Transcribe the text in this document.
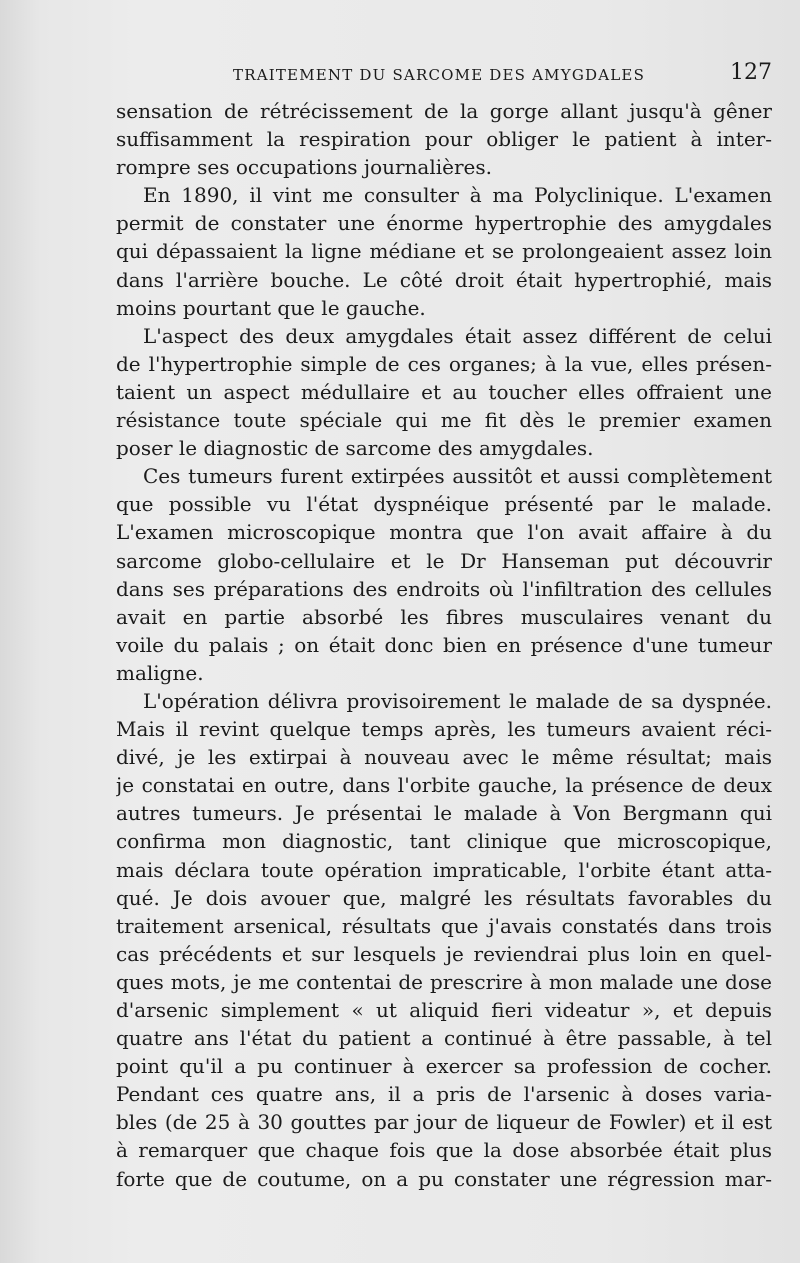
TRAITEMENT DU SARCOME DES AMYGDALES	127
sensation de rétrécissement de la gorge allant jusqu'à gêner
suffisamment la respiration pour obliger le patient à inter-
rompre ses occupations journalières.
En 1890, il vint me consulter à ma Polyclinique. L'examen
permit de constater une énorme hypertrophie des amygdales
qui dépassaient la ligne médiane et se prolongeaient assez loin
dans l'arrière bouche. Le côté droit était hypertrophié, mais
moins pourtant que le gauche.
L'aspect des deux amygdales était assez différent de celui
de l'hypertrophie simple de ces organes; à la vue, elles présen-
taient un aspect médullaire et au toucher elles offraient une
résistance toute spéciale qui me fit dès le premier examen
poser le diagnostic de sarcome des amygdales.
Ces tumeurs furent extirpées aussitôt et aussi complètement
que possible vu l'état dyspnéique présenté par le malade.
L'examen microscopique montra que l'on avait affaire à du
sarcome globo-cellulaire et le Dr Hanseman put découvrir
dans ses préparations des endroits où l'infiltration des cellules
avait en partie absorbé les fibres musculaires venant du
voile du palais ; on était donc bien en présence d'une tumeur
maligne.
L'opération délivra provisoirement le malade de sa dyspnée.
Mais il revint quelque temps après, les tumeurs avaient réci-
divé, je les extirpai à nouveau avec le même résultat; mais
je constatai en outre, dans l'orbite gauche, la présence de deux
autres tumeurs. Je présentai le malade à Von Bergmann qui
confirma mon diagnostic, tant clinique que microscopique,
mais déclara toute opération impraticable, l'orbite étant atta-
qué. Je dois avouer que, malgré les résultats favorables du
traitement arsenical, résultats que j'avais constatés dans trois
cas précédents et sur lesquels je reviendrai plus loin en quel-
ques mots, je me contentai de prescrire à mon malade une dose
d'arsenic simplement « ut aliquid fieri videatur », et depuis
quatre ans l'état du patient a continué à être passable, à tel
point qu'il a pu continuer à exercer sa profession de cocher.
Pendant ces quatre ans, il a pris de l'arsenic à doses varia-
bles (de 25 à 30 gouttes par jour de liqueur de Fowler) et il est
à remarquer que chaque fois que la dose absorbée était plus
forte que de coutume, on a pu constater une régression mar-
